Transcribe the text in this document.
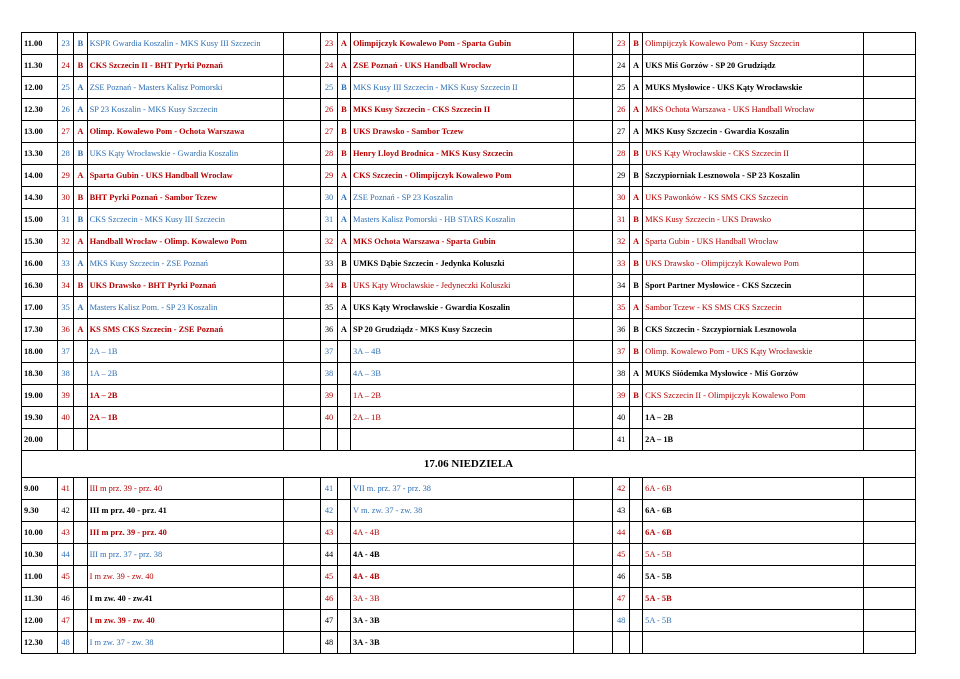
11.00	23	B	KSPR Gwardia Koszalin - MKS Kusy III Szczecin		23	A	Olimpijczyk Kowalewo Pom - Sparta Gubin		23	B	Olimpijczyk Kowalewo Pom - Kusy Szczecin	
11.30	24	B	CKS Szczecin II - BHT Pyrki Poznań		24	A	ZSE Poznań - UKS Handball Wrocław		24	A	UKS Miś Gorzów - SP 20 Grudziądz	
12.00	25	A	ZSE Poznań - Masters Kalisz Pomorski		25	B	MKS Kusy III Szczecin - MKS Kusy Szczecin II		25	A	MUKS Mysłowice - UKS Kąty Wrocławskie	
12.30	26	A	SP 23 Koszalin - MKS Kusy Szczecin		26	B	MKS Kusy Szczecin - CKS Szczecin II		26	A	MKS Ochota Warszawa - UKS Handball Wrocław	
13.00	27	A	Olimp. Kowalewo Pom - Ochota Warszawa		27	B	UKS Drawsko - Sambor Tczew		27	A	MKS Kusy Szczecin - Gwardia Koszalin	
13.30	28	B	UKS Kąty Wrocławskie - Gwardia Koszalin		28	B	Henry Lloyd Brodnica - MKS Kusy Szczecin		28	B	UKS Kąty Wrocławskie - CKS Szczecin II	
14.00	29	A	Sparta Gubin - UKS Handball Wrocław		29	A	CKS Szczecin - Olimpijczyk Kowalewo Pom		29	B	Szczypiorniak Lesznowola - SP 23 Koszalin	
14.30	30	B	BHT Pyrki Poznań - Sambor Tczew		30	A	ZSE Poznań - SP 23 Koszalin		30	A	UKS Pawonków - KS SMS CKS Szczecin	
15.00	31	B	CKS Szczecin - MKS Kusy III Szczecin		31	A	Masters Kalisz Pomorski - HB STARS Koszalin		31	B	MKS Kusy Szczecin - UKS Drawsko	
15.30	32	A	Handball Wrocław - Olimp. Kowalewo Pom		32	A	MKS Ochota Warszawa - Sparta Gubin		32	A	Sparta Gubin - UKS Handball Wrocław	
16.00	33	A	MKS Kusy Szczecin - ZSE Poznań		33	B	UMKS Dąbie Szczecin - Jedynka Koluszki		33	B	UKS Drawsko - Olimpijczyk Kowalewo Pom	
16.30	34	B	UKS Drawsko - BHT Pyrki Poznań		34	B	UKS Kąty Wrocławskie - Jedyneczki Koluszki		34	B	Sport Partner Mysłowice - CKS Szczecin	
17.00	35	A	Masters Kalisz Pom. - SP 23 Koszalin		35	A	UKS Kąty Wrocławskie - Gwardia Koszalin		35	A	Sambor Tczew - KS SMS CKS Szczecin	
17.30	36	A	KS SMS CKS Szczecin - ZSE Poznań		36	A	SP 20 Grudziądz - MKS Kusy Szczecin		36	B	CKS Szczecin - Szczypiorniak Lesznowola	
18.00	37		2A – 1B		37		3A – 4B		37	B	Olimp. Kowalewo Pom - UKS Kąty Wrocławskie	
18.30	38		1A – 2B		38		4A – 3B		38	A	MUKS Siódemka Mysłowice - Miś Gorzów	
19.00	39		1A – 2B		39		1A – 2B		39	B	CKS Szczecin II - Olimpijczyk Kowalewo Pom	
19.30	40		2A – 1B		40		2A – 1B		40		1A – 2B	
20.00									41		2A – 1B	
17.06 NIEDZIELA												
9.00	41		III m prz. 39 - prz. 40		41		VII m. prz. 37 - prz. 38		42		6A - 6B	
9.30	42		III m prz. 40 - prz. 41		42		V m. zw. 37 - zw. 38		43		6A - 6B	
10.00	43		III m prz. 39 - prz. 40		43		4A - 4B		44		6A - 6B	
10.30	44		III m prz. 37 - prz. 38		44		4A - 4B		45		5A - 5B	
11.00	45		I m zw. 39 - zw. 40		45		4A - 4B		46		5A - 5B	
11.30	46		I m zw. 40 - zw.41		46		3A - 3B		47		5A - 5B	
12.00	47		I m zw. 39 - zw. 40		47		3A - 3B		48		5A - 5B	
12.30	48		I m zw. 37 - zw. 38		48		3A - 3B					
